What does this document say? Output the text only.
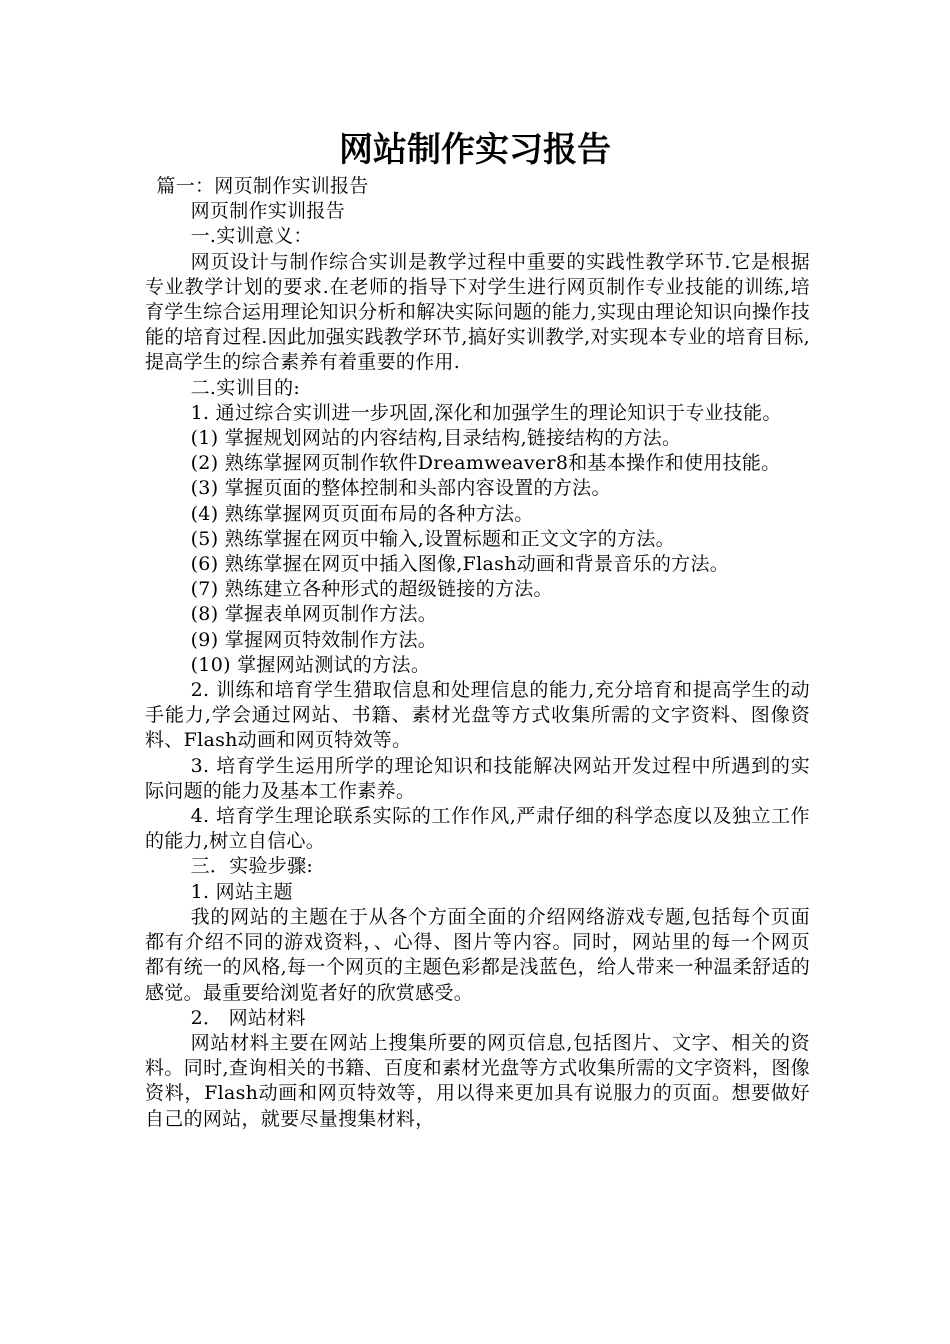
网站制作实习报告

篇一：网页制作实训报告

网页制作实训报告

一.实训意义：

网页设计与制作综合实训是教学过程中重要的实践性教学环节.它是根据专业教学计划的要求.在老师的指导下对学生进行网页制作专业技能的训练,培育学生综合运用理论知识分析和解决实际问题的能力,实现由理论知识向操作技能的培育过程.因此加强实践教学环节,搞好实训教学,对实现本专业的培育目标,提高学生的综合素养有着重要的作用.

二.实训目的:

1. 通过综合实训进一步巩固,深化和加强学生的理论知识于专业技能。

(1) 掌握规划网站的内容结构,目录结构,链接结构的方法。

(2) 熟练掌握网页制作软件Dreamweaver8和基本操作和使用技能。

(3) 掌握页面的整体控制和头部内容设置的方法。

(4) 熟练掌握网页页面布局的各种方法。

(5) 熟练掌握在网页中输入,设置标题和正文文字的方法。

(6) 熟练掌握在网页中插入图像,Flash动画和背景音乐的方法。

(7) 熟练建立各种形式的超级链接的方法。

(8) 掌握表单网页制作方法。

(9) 掌握网页特效制作方法。

(10) 掌握网站测试的方法。

2. 训练和培育学生猎取信息和处理信息的能力,充分培育和提高学生的动手能力,学会通过网站、书籍、素材光盘等方式收集所需的文字资料、图像资料、Flash动画和网页特效等。

3. 培育学生运用所学的理论知识和技能解决网站开发过程中所遇到的实际问题的能力及基本工作素养。

4. 培育学生理论联系实际的工作作风,严肃仔细的科学态度以及独立工作的能力,树立自信心。

三．实验步骤:

1. 网站主题

我的网站的主题在于从各个方面全面的介绍网络游戏专题,包括每个页面都有介绍不同的游戏资料，、心得、图片等内容。同时，网站里的每一个网页都有统一的风格,每一个网页的主题色彩都是浅蓝色，给人带来一种温柔舒适的感觉。最重要给浏览者好的欣赏感受。

2． 网站材料

网站材料主要在网站上搜集所要的网页信息,包括图片、文字、相关的资料。同时,查询相关的书籍、百度和素材光盘等方式收集所需的文字资料，图像资料，Flash动画和网页特效等，用以得来更加具有说服力的页面。想要做好自己的网站，就要尽量搜集材料，
